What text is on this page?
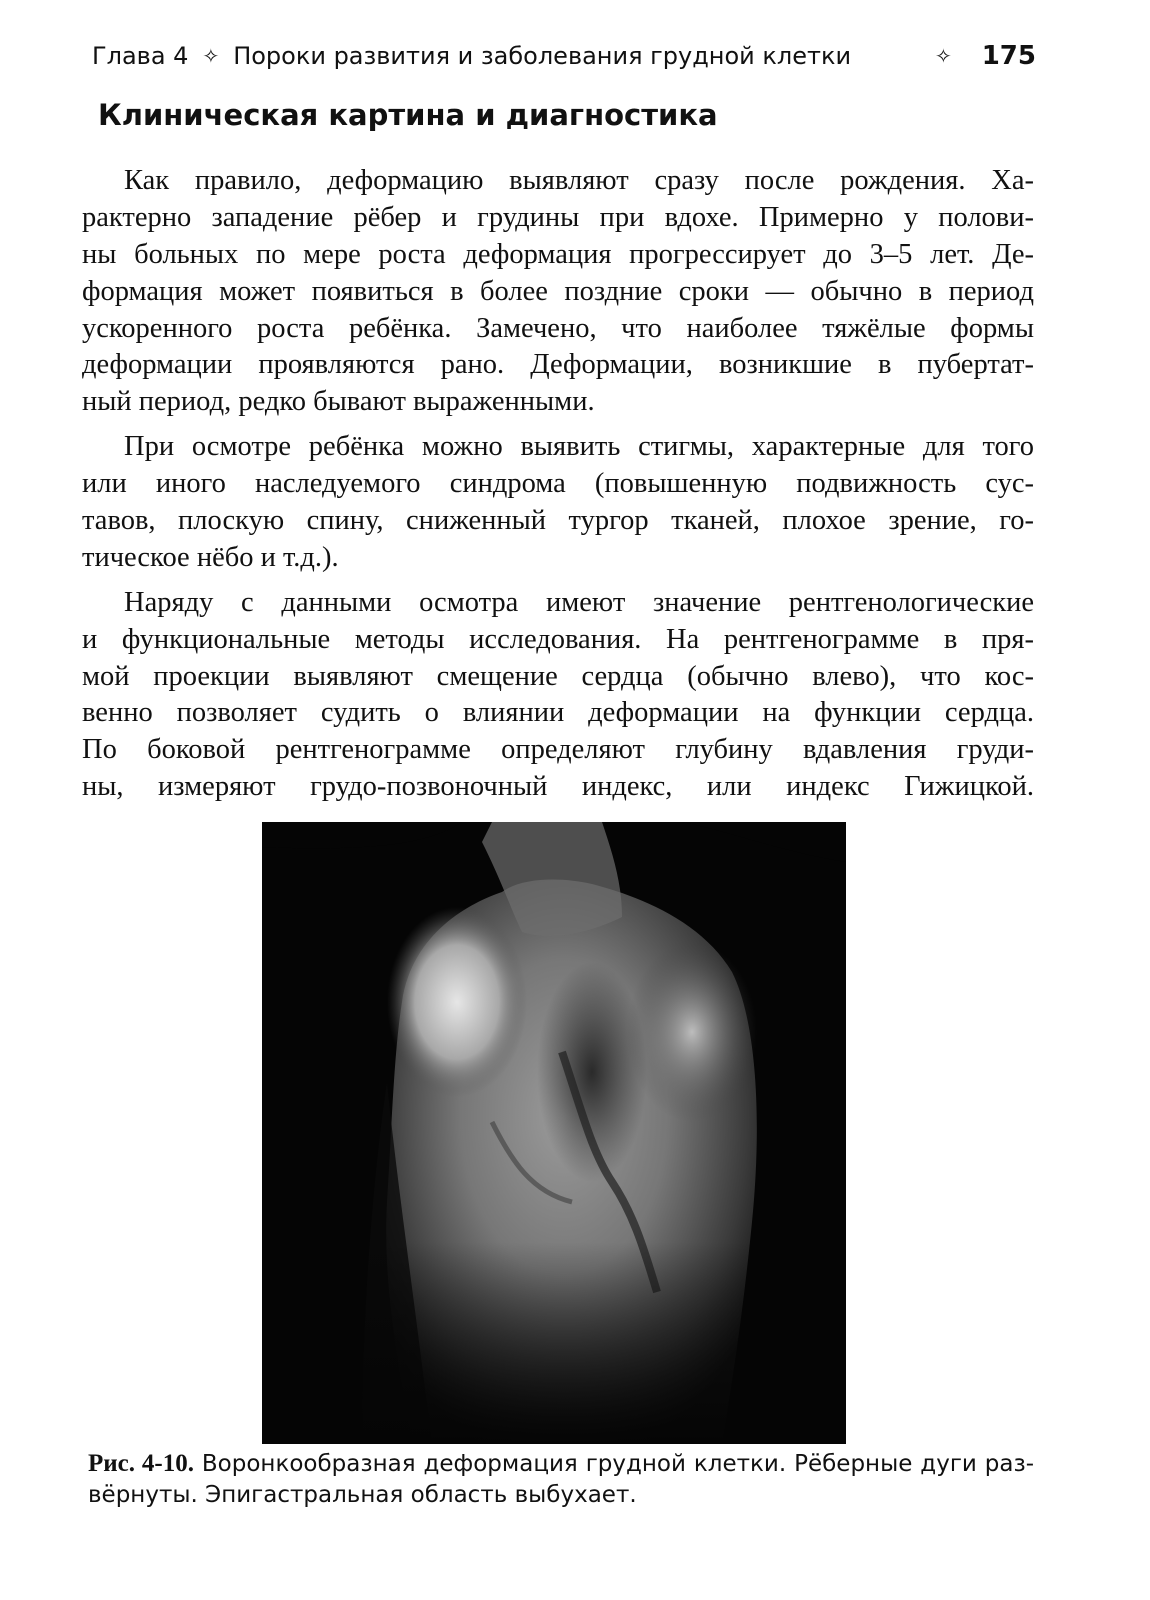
Глава 4 ✧ Пороки развития и заболевания грудной клетки	✧ 175
Клиническая картина и диагностика
Как правило, деформацию выявляют сразу после рождения. Ха-
рактерно западение рёбер и грудины при вдохе. Примерно у полови-
ны больных по мере роста деформация прогрессирует до 3–5 лет. Де-
формация может появиться в более поздние сроки — обычно в период
ускоренного роста ребёнка. Замечено, что наиболее тяжёлые формы
деформации проявляются рано. Деформации, возникшие в пубертат-
ный период, редко бывают выраженными.
При осмотре ребёнка можно выявить стигмы, характерные для того
или иного наследуемого синдрома (повышенную подвижность сус-
тавов, плоскую спину, сниженный тургор тканей, плохое зрение, го-
тическое нёбо и т.д.).
Наряду с данными осмотра имеют значение рентгенологические
и функциональные методы исследования. На рентгенограмме в пря-
мой проекции выявляют смещение сердца (обычно влево), что кос-
венно позволяет судить о влиянии деформации на функции сердца.
По боковой рентгенограмме определяют глубину вдавления груди-
ны, измеряют грудо-позвоночный индекс, или индекс Гижицкой.
Рис. 4-10. Воронкообразная деформация грудной клетки. Рёберные дуги раз-
вёрнуты. Эпигастральная область выбухает.
